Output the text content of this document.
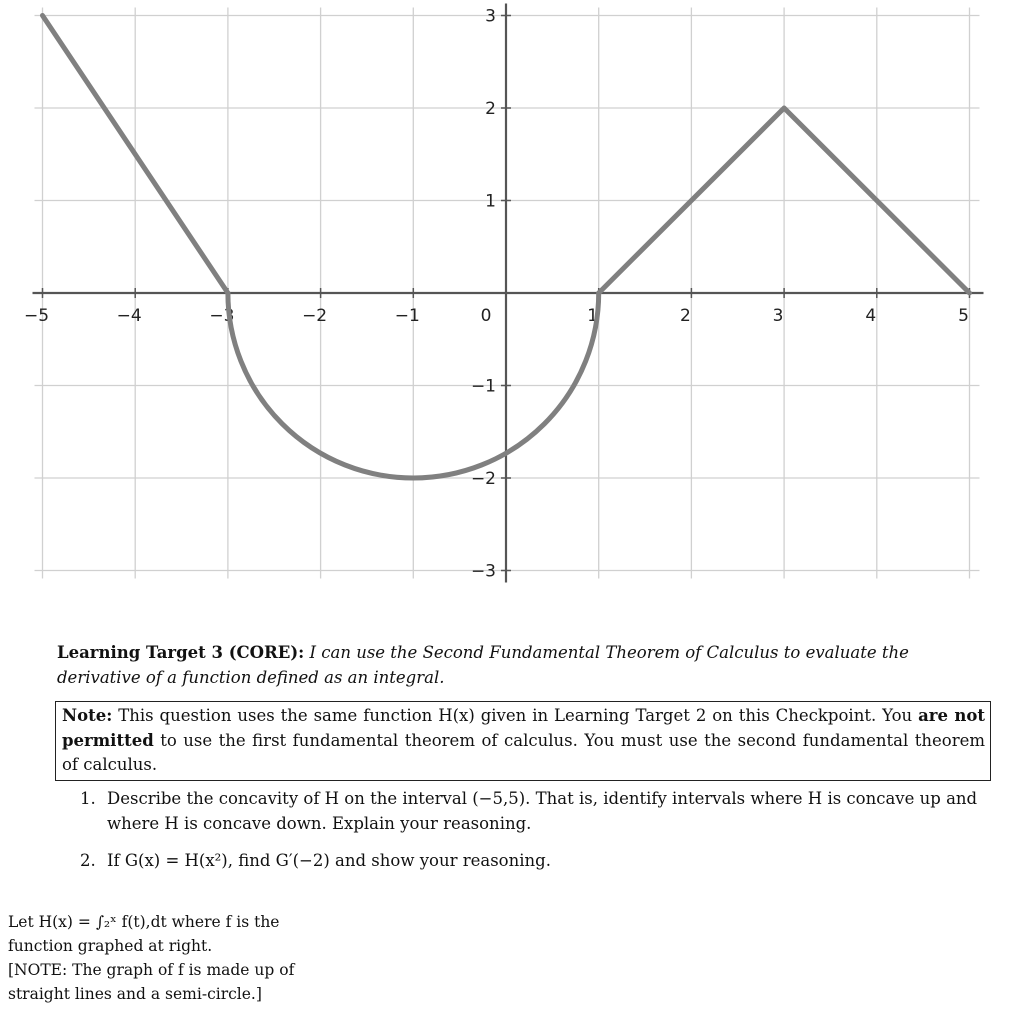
−5	−4	−3	−2	−1	0	1	2	3	4	5
3
2
1
−1
−2
−3
Learning Target 3 (CORE): I can use the Second Fundamental Theorem of Calculus to evaluate the derivative of a function defined as an integral.
Note: This question uses the same function H(x) given in Learning Target 2 on this Checkpoint. You are not permitted to use the first fundamental theorem of calculus. You must use the second fundamental theorem of calculus.
1. Describe the concavity of H on the interval (−5,5). That is, identify intervals where H is concave up and where H is concave down. Explain your reasoning.
2. If G(x) = H(x²), find G′(−2) and show your reasoning.
Let H(x) = ∫₂ˣ f(t),dt where f is the function graphed at right.
[NOTE: The graph of f is made up of straight lines and a semi-circle.]
